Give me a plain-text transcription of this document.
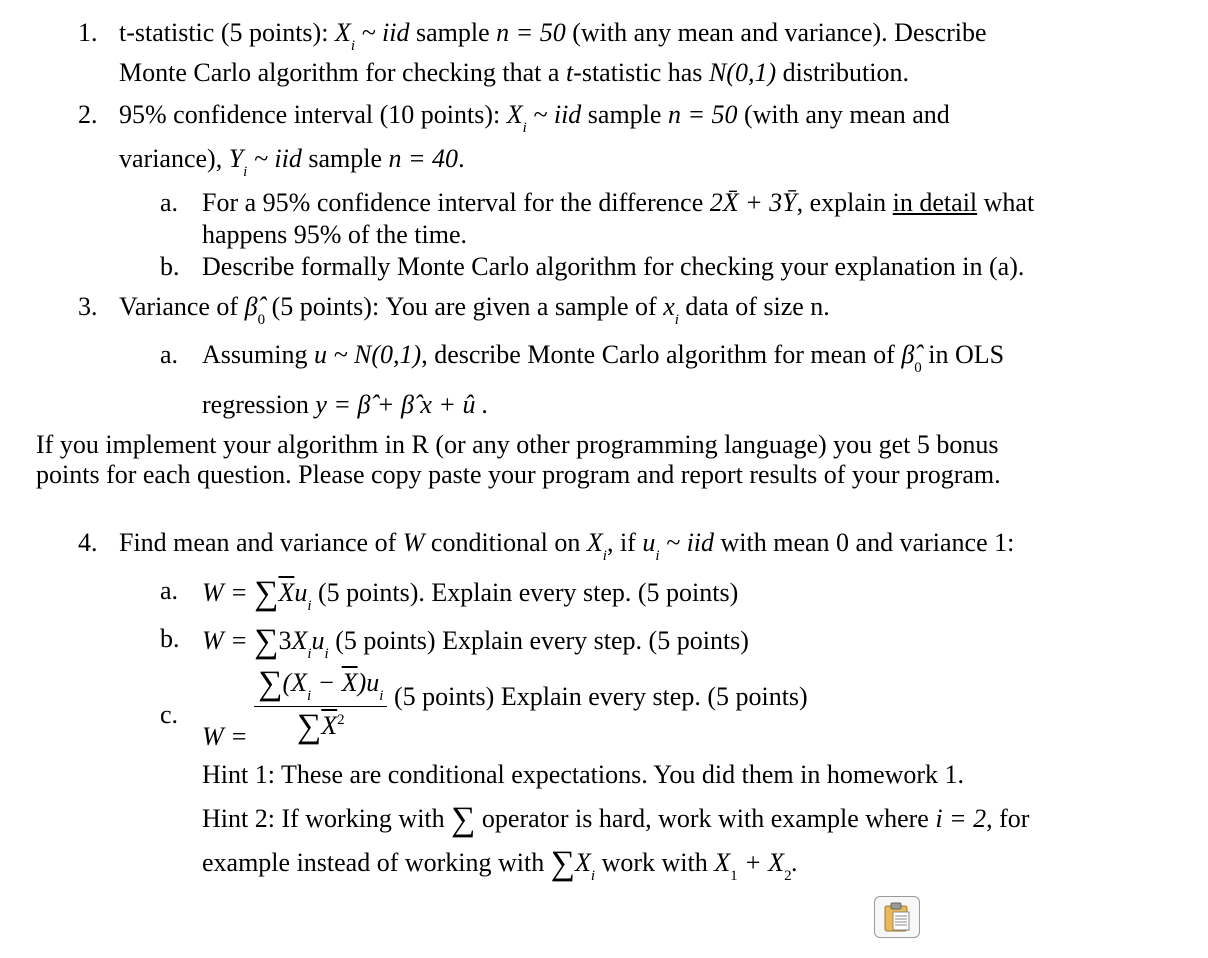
1. t-statistic (5 points): $X_i$ ~ iid sample n = 50 (with any mean and variance). Describe
Monte Carlo algorithm for checking that a t-statistic has N(0,1) distribution.
2. 95% confidence interval (10 points): $X_i$ ~ iid sample n = 50 (with any mean and
variance), $Y_i$ ~ iid sample n = 40.
a. For a 95% confidence interval for the difference 2X̄ + 3Ȳ, explain in detail what
happens 95% of the time.
b. Describe formally Monte Carlo algorithm for checking your explanation in (a).
3. Variance of $\betâ_0$ (5 points): You are given a sample of $x_i$ data of size n.
a. Assuming u ~ N(0,1), describe Monte Carlo algorithm for mean of $\betâ_0$ in OLS
regression y = β̂ + β̂ x + û .
If you implement your algorithm in R (or any other programming language) you get 5 bonus
points for each question. Please copy paste your program and report results of your program.
4. Find mean and variance of W conditional on $X_i$, if $u_i$ ~ iid with mean 0 and variance 1:
a. $W = \sum\overline{X}u_i$ (5 points). Explain every step. (5 points)
b. $W = \sum 3X_iu_i$ (5 points) Explain every step. (5 points)
c.
$W = \frac{\sum(X_i - \overline{X})u_i}{\sum\overline{X}^2} (5$ points) Explain every step. (5 points)
Hint 1: These are conditional expectations. You did them in homework 1.
Hint 2: If working with ∑ operator is hard, work with example where i = 2, for
example instead of working with $\sum X_i$ work with $X_1 + X_2$.
